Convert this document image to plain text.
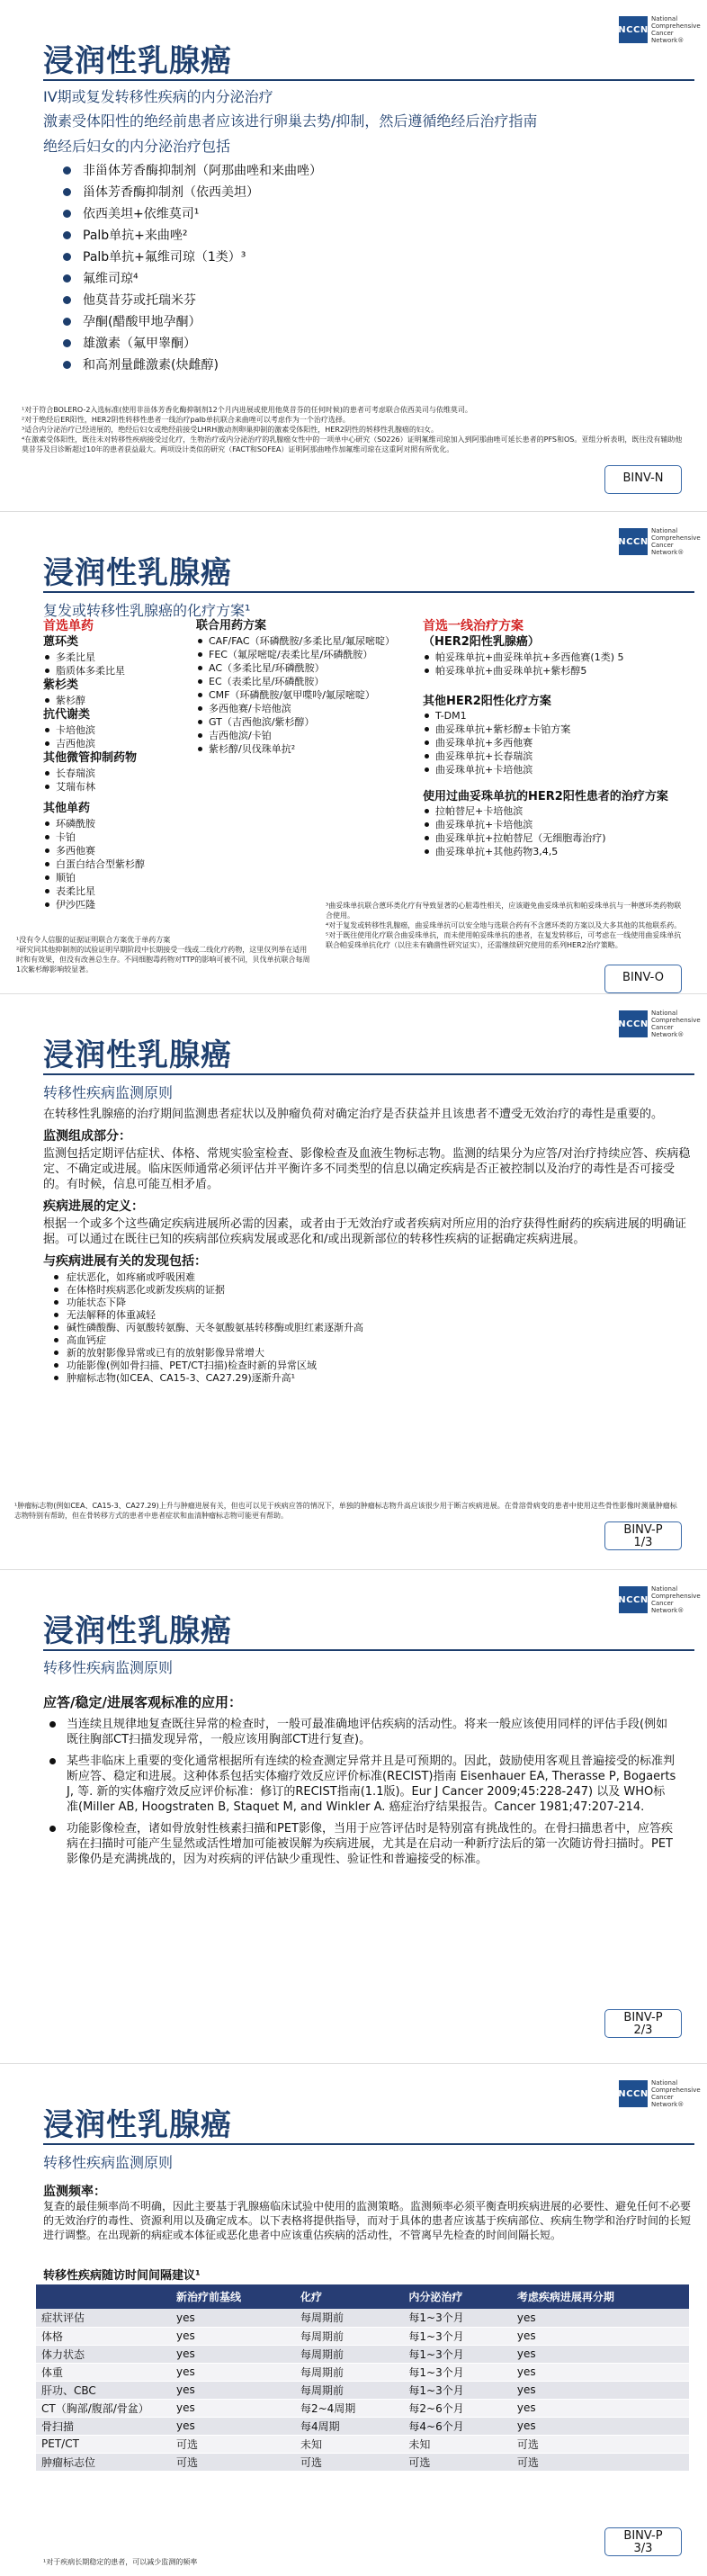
NCCN
National
Comprehensive
Cancer
Network®
浸润性乳腺癌
IV期或复发转移性疾病的内分泌治疗
激素受体阳性的绝经前患者应该进行卵巢去势/抑制，然后遵循绝经后治疗指南
绝经后妇女的内分泌治疗包括
非甾体芳香酶抑制剂（阿那曲唑和来曲唑）
甾体芳香酶抑制剂（依西美坦）
依西美坦+依维莫司¹
Palb单抗+来曲唑²
Palb单抗+氟维司琼（1类）³
氟维司琼⁴
他莫昔芬或托瑞米芬
孕酮(醋酸甲地孕酮）
雄激素（氟甲睾酮）
和高剂量雌激素(炔雌醇)
¹对于符合BOLERO-2入选标准(使用非甾体芳香化酶抑制剂12个月内进展或使用他莫昔芬的任何时候)的患者可考虑联合依西美司与依维莫司。
²对于绝经后ER阳性，HER2阴性转移性患者一线治疗palb单抗联合来曲唑可以考虑作为一个治疗选择。
³适合内分泌治疗已经进展的，绝经后妇女或绝经前接受LHRH激动剂卵巢抑制的激素受体阳性，HER2阴性的转移性乳腺癌的妇女。
⁴在激素受体阳性，既往未对转移性疾病接受过化疗，生物治疗或内分泌治疗的乳腺癌女性中的一项单中心研究（S0226）证明氟维司琼加入到阿那曲唑可延长患者的PFS和OS。亚组分析表明，既往没有辅助他莫昔芬及目诊断超过10年的患者获益最大。两项设计类似的研究（FACT和SOFEA）证明阿那曲唑作加氟维司琼在这重阿对照有所优化。
BINV-N
NCCN
National
Comprehensive
Cancer
Network®
浸润性乳腺癌
复发或转移性乳腺癌的化疗方案¹
首选单药
蒽环类
多柔比星
脂质体多柔比星
紫杉类
紫杉醇
抗代谢类
卡培他滨
吉西他滨
其他微管抑制药物
长春瑞滨
艾瑞布林
其他单药
环磷酰胺
卡铂
多西他赛
白蛋白结合型紫杉醇
顺铂
表柔比星
伊沙匹隆
联合用药方案
CAF/FAC（环磷酰胺/多柔比星/氟尿嘧啶）
FEC（氟尿嘧啶/表柔比星/环磷酰胺）
AC（多柔比星/环磷酰胺）
EC（表柔比星/环磷酰胺）
CMF（环磷酰胺/氨甲喋呤/氟尿嘧啶）
多西他赛/卡培他滨
GT（吉西他滨/紫杉醇）
吉西他滨/卡铂
紫杉醇/贝伐珠单抗²
首选一线治疗方案
（HER2阳性乳腺癌）
帕妥珠单抗+曲妥珠单抗+多西他赛(1类) 5
帕妥珠单抗+曲妥珠单抗+紫杉醇5
其他HER2阳性化疗方案
T-DM1
曲妥珠单抗+紫杉醇±卡铂方案
曲妥珠单抗+多西他赛
曲妥珠单抗+长春瑞滨
曲妥珠单抗+卡培他滨
使用过曲妥珠单抗的HER2阳性患者的治疗方案
拉帕替尼+卡培他滨
曲妥珠单抗+卡培他滨
曲妥珠单抗+拉帕替尼（无细胞毒治疗)
曲妥珠单抗+其他药物3,4,5
¹没有令人信服的证据证明联合方案优于单药方案
²研究同其他抑制剂的试验证明早期阶段中长期接受一线或二线化疗药物，这里仅列举在适用时和有效果，但没有改善总生存。不同细胞毒药物对TTP的影响可被不同，贝伐单抗联合每周1次紫杉醇影响较显著。
³曲妥珠单抗联合蒽环类化疗有导致显著的心脏毒性相关，应该避免曲妥珠单抗和帕妥珠单抗与一种蒽环类药物联合使用。
⁴对于复发或转移性乳腺癌，曲妥珠单抗可以安全地与选联合药有不含蒽环类的方案以及大多其他的其他联系药。
⁵对于既往使用化疗联合曲妥珠单抗，而未使用帕妥珠单抗的患者，在复发转移后，可考虑在一线使用曲妥珠单抗联合帕妥珠单抗化疗（以往未有确凿性研究证实），还需继续研究使用的系列HER2治疗策略。
BINV-O
NCCN
National
Comprehensive
Cancer
Network®
浸润性乳腺癌
转移性疾病监测原则

在转移性乳腺癌的治疗期间监测患者症状以及肿瘤负荷对确定治疗是否获益并且该患者不遭受无效治疗的毒性是重要的。

监测组成部分：

监测包括定期评估症状、体格、常规实验室检查、影像检查及血液生物标志物。监测的结果分为应答/对治疗持续应答、疾病稳定、不确定或进展。临床医师通常必须评估并平衡许多不同类型的信息以确定疾病是否正被控制以及治疗的毒性是否可接受的。有时候，信息可能互相矛盾。

疾病进展的定义：

根据一个或多个这些确定疾病进展所必需的因素，或者由于无效治疗或者疾病对所应用的治疗获得性耐药的疾病进展的明确证据。可以通过在既往已知的疾病部位疾病发展或恶化和/或出现新部位的转移性疾病的证据确定疾病进展。

与疾病进展有关的发现包括：
症状恶化，如疼痛或呼吸困难
在体格时疾病恶化或新发疾病的证据
功能状态下降
无法解释的体重减轻
碱性磷酸酶、丙氨酸转氨酶、天冬氨酸氨基转移酶或胆红素逐渐升高
高血钙症
新的放射影像异常或已有的放射影像异常增大
功能影像(例如骨扫描、PET/CT扫描)检查时新的异常区域
肿瘤标志物(如CEA、CA15-3、CA27.29)逐渐升高¹
¹肿瘤标志物(例如CEA、CA15-3、CA27.29)上升与肿瘤进展有关，但也可以见于疾病应答的情况下，单独的肿瘤标志物升高应该很少用于断言疾病进展。在骨溶骨病变的患者中使用这些骨性影像时测量肿瘤标志物特别有帮助，但在骨转移方式的患者中患者症状和血清肿瘤标志物可能更有帮助。
BINV-P
1/3
NCCN
National
Comprehensive
Cancer
Network®
浸润性乳腺癌
转移性疾病监测原则
应答/稳定/进展客观标准的应用：
当连续且规律地复查既往异常的检查时，一般可最准确地评估疾病的活动性。将来一般应该使用同样的评估手段(例如既往胸部CT扫描发现异常，一般应该用胸部CT进行复查)。
某些非临床上重要的变化通常根据所有连续的检查测定异常并且是可预期的。因此，鼓励使用客观且普遍接受的标准判断应答、稳定和进展。这种体系包括实体瘤疗效反应评价标准(RECIST)指南 Eisenhauer EA, Therasse P, Bogaerts J, 等. 新的实体瘤疗效反应评价标准：修订的RECIST指南(1.1版)。Eur J Cancer 2009;45:228-247) 以及 WHO标准(Miller AB, Hoogstraten B, Staquet M, and Winkler A. 癌症治疗结果报告。Cancer 1981;47:207-214.
功能影像检查，诸如骨放射性核素扫描和PET影像，当用于应答评估时是特别富有挑战性的。在骨扫描患者中，应答疾病在扫描时可能产生显然或活性增加可能被误解为疾病进展，尤其是在启动一种新疗法后的第一次随访骨扫描时。PET影像仍是充满挑战的，因为对疾病的评估缺少重现性、验证性和普遍接受的标准。
BINV-P
2/3
NCCN
National
Comprehensive
Cancer
Network®
浸润性乳腺癌
转移性疾病监测原则
监测频率：
复查的最佳频率尚不明确，因此主要基于乳腺癌临床试验中使用的监测策略。监测频率必须平衡查明疾病进展的必要性、避免任何不必要的无效治疗的毒性、资源利用以及确定成本。以下表格将提供指导，而对于具体的患者应该基于疾病部位、疾病生物学和治疗时间的长短进行调整。在出现新的病症或本体征或恶化患者中应该重估疾病的活动性，不管离早先检查的时间间隔长短。
转移性疾病随访时间间隔建议¹
	新治疗前基线	化疗	内分泌治疗	考虑疾病进展再分期
症状评估	yes	每周期前	每1~3个月	yes
体格	yes	每周期前	每1~3个月	yes
体力状态	yes	每周期前	每1~3个月	yes
体重	yes	每周期前	每1~3个月	yes
肝功、CBC	yes	每周期前	每1~3个月	yes
CT（胸部/腹部/骨盆）	yes	每2~4周期	每2~6个月	yes
骨扫描	yes	每4周期	每4~6个月	yes
PET/CT	可选	未知	未知	可选
肿瘤标志位	可选	可选	可选	可选
¹对于疾病长期稳定的患者，可以减少监测的频率
BINV-P
3/3
